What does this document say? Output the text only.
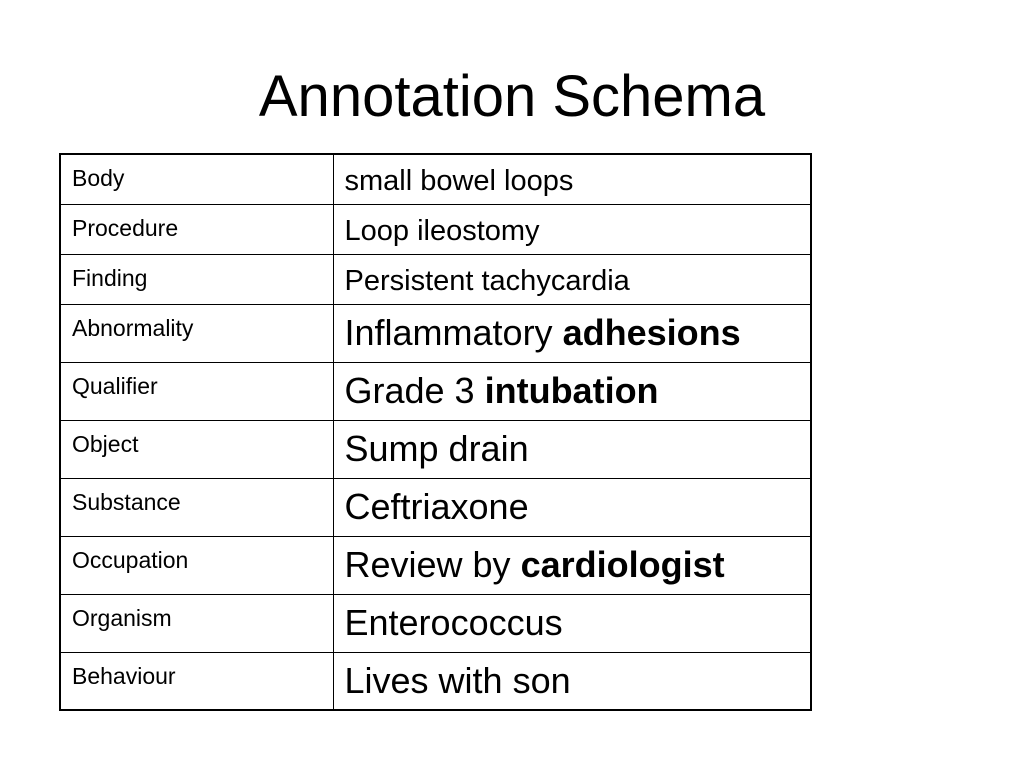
Annotation Schema
Body	small bowel loops
Procedure	Loop ileostomy
Finding	Persistent tachycardia
Abnormality	Inflammatory adhesions
Qualifier	Grade 3 intubation
Object	Sump drain
Substance	Ceftriaxone
Occupation	Review by cardiologist
Organism	Enterococcus
Behaviour	Lives with son
